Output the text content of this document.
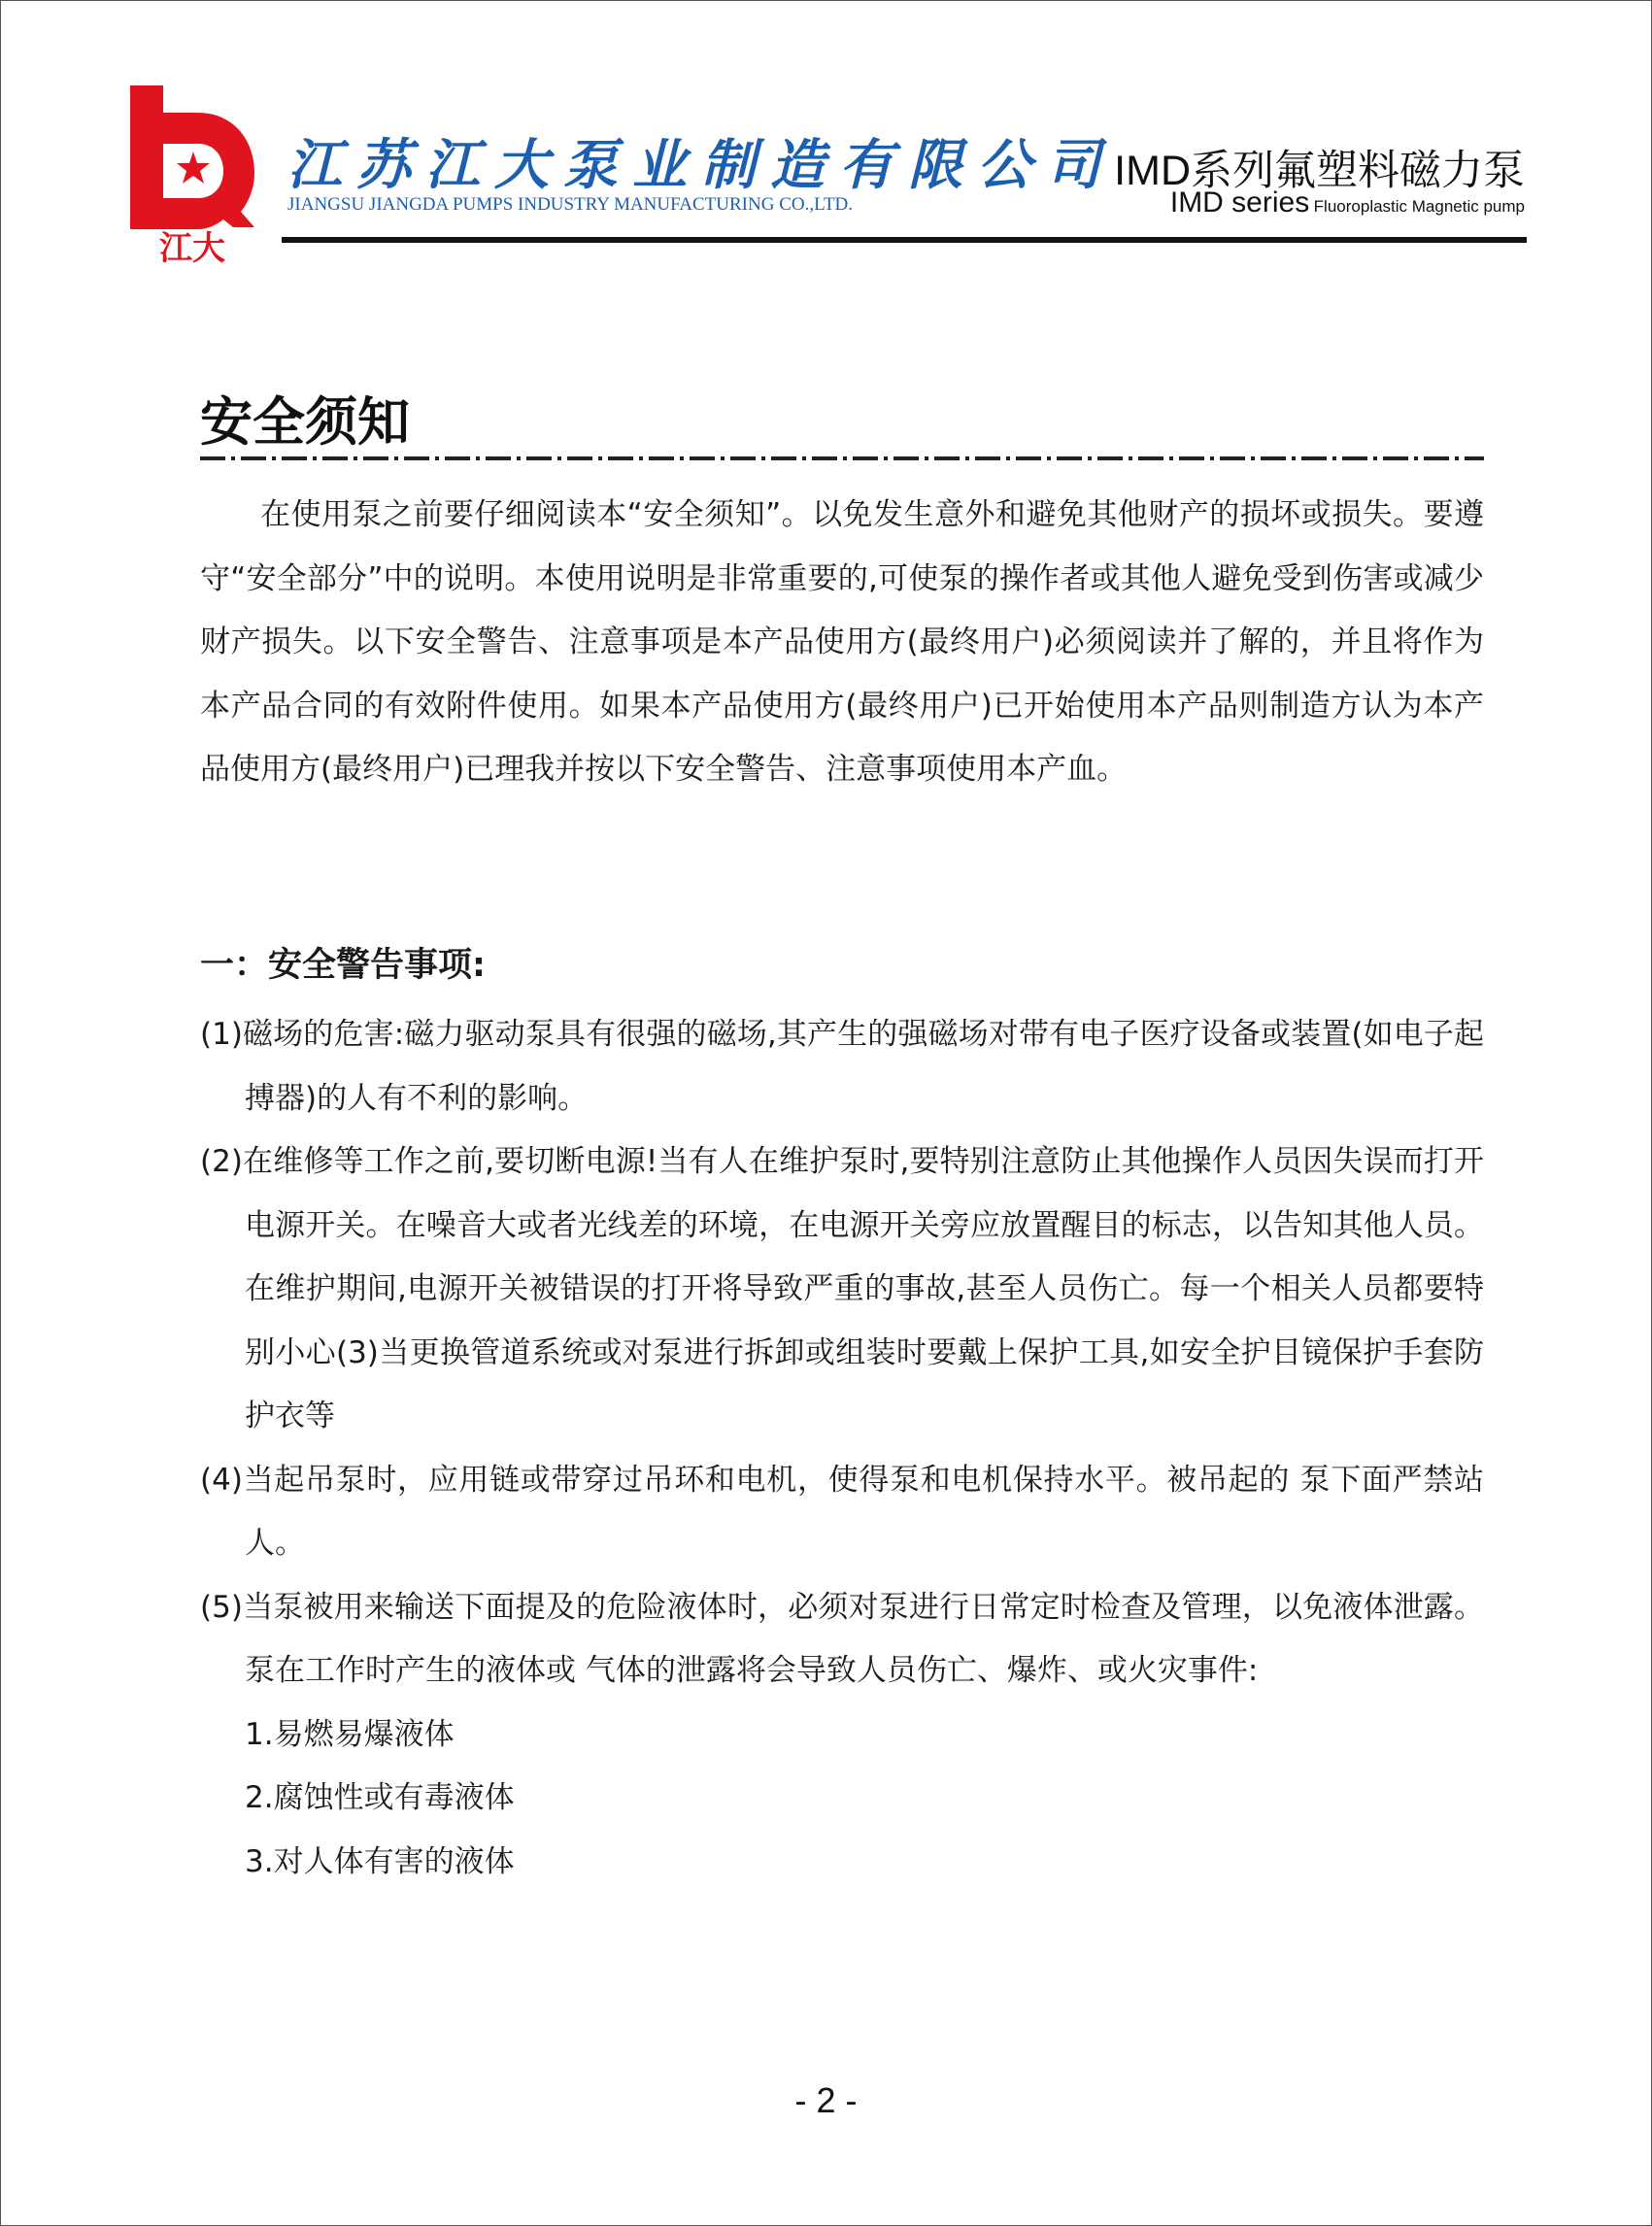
江大
江苏江大泵业制造有限公司
JIANGSU JIANGDA PUMPS INDUSTRY MANUFACTURING CO.,LTD.
IMD系列氟塑料磁力泵
IMD series Fluoroplastic Magnetic pump
安全须知

在使用泵之前要仔细阅读本“安全须知”。以免发生意外和避免其他财产的损坏或损失。要遵守“安全部分”中的说明。本使用说明是非常重要的,可使泵的操作者或其他人避免受到伤害或减少财产损失。以下安全警告、注意事项是本产品使用方(最终用户)必须阅读并了解的，并且将作为本产品合同的有效附件使用。如果本产品使用方(最终用户)已开始使用本产品则制造方认为本产品使用方(最终用户)已理我并按以下安全警告、注意事项使用本产血。

一：安全警告事项:
(1)磁场的危害:磁力驱动泵具有很强的磁场,其产生的强磁场对带有电子医疗设备或装置(如电子起搏器)的人有不利的影响。
(2)在维修等工作之前,要切断电源!当有人在维护泵时,要特别注意防止其他操作人员因失误而打开电源开关。在噪音大或者光线差的环境，在电源开关旁应放置醒目的标志，以告知其他人员。在维护期间,电源开关被错误的打开将导致严重的事故,甚至人员伤亡。每一个相关人员都要特别小心(3)当更换管道系统或对泵进行拆卸或组装时要戴上保护工具,如安全护目镜保护手套防护衣等
(4)当起吊泵时，应用链或带穿过吊环和电机，使得泵和电机保持水平。被吊起的 泵下面严禁站人。
(5)当泵被用来输送下面提及的危险液体时，必须对泵进行日常定时检查及管理，以免液体泄露。泵在工作时产生的液体或 气体的泄露将会导致人员伤亡、爆炸、或火灾事件:
1.易燃易爆液体
2.腐蚀性或有毒液体
3.对人体有害的液体
- 2 -
